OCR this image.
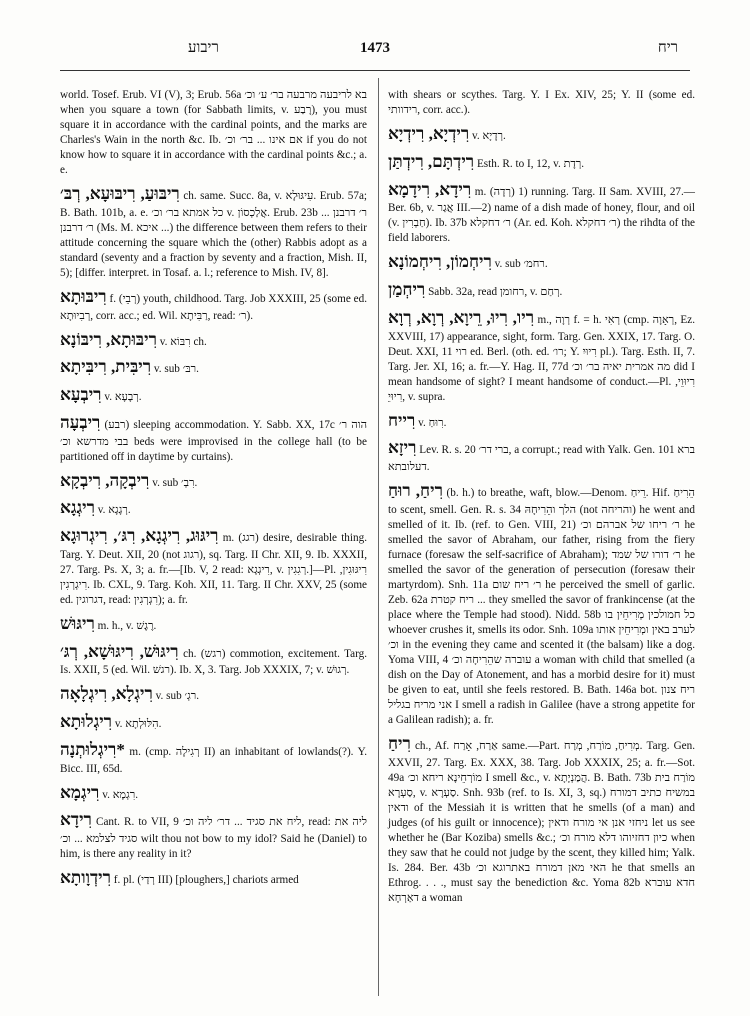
ריבוע	1473	ריח

world. Tosef. Erub. VI (V), 3; Erub. 56a בא לריבעה מרבעה בר׳ ע׳ וכ׳ when you square a town (for Sabbath limits, v. רָבַע), you must square it in accordance with the cardinal points, and the marks are Charles's Wain in the north &c. Ib. אם אינו ... בר׳ וכ׳ if you do not know how to square it in accordance with the cardinal points &c.; a. e.

רִיבּוּעַ, רִיבּוּעָא, רְבּ׳ ch. same. Succ. 8a, v. עִיגּוּלָא. Erub. 57a; B. Bath. 101b, a. e. כל אמתא בר׳ וכ׳ v. אֲלַכְסוֹן. Erub. 23b ר׳ דרבנן ... ר׳ דרבנן (Ms. M. איכא ...) the difference between them refers to their attitude concerning the square which the (other) Rabbis adopt as a standard (seventy and a fraction by seventy and a fraction, Mish. II, 5); [differ. interpret. in Tosaf. a. l.; reference to Mish. IV, 8].

רִיבּוּתָא f. (רְבֵי) youth, childhood. Targ. Job XXXIII, 25 (some ed. רְבִיוּתָא, corr. acc.; ed. Wil. רַבִּיתָא, read: ר׳).

רִיבּוּתָא, רִיבּוֹנָא v. רִבּוֹא ch.

רִיבִּית, רִיבִּיתָא v. sub רבּ׳.

רִיבְעָא v. רְבָעָא.

רִיבְעָה (רבע) sleeping accommodation. Y. Sabb. XX, 17c הוה ר׳ בבי מדרשא וכ׳ beds were improvised in the college hall (to be partitioned off in daytime by curtains).

רִיבְקָה, רִיבְקָא v. sub רִבְ׳.

רִיגְגָא v. רְגָגָא.

רִיגּוּג, רִיגְגָא, רִגּ׳, רִיגְרוּגָא m. (רגג) desire, desirable thing. Targ. Y. Deut. XII, 20 (not רגוג), sq. Targ. II Chr. XII, 9. Ib. XXXII, 27. Targ. Ps. X, 3; a. fr.—[Ib. V, 2 read: רִיגְגָא, v. רְגִגִין.]—Pl. רִיגּוּגִין, רִיגְרְגִין. Ib. CXL, 9. Targ. Koh. XII, 11. Targ. II Chr. XXV, 25 (some ed. דגרוגין, read: רִגְרְגִין); a. fr.

רִיגּוּשׁ m. h., v. רֶגֶשׁ.

רִיגּוּשׁ, רִיגּוּשָׁא, רְגּ׳ ch. (רגש) commotion, excitement. Targ. Is. XXII, 5 (ed. Wil. רגשׁ). Ib. X, 3. Targ. Job XXXIX, 7; v. רְגוּשׁ.

רִיגְלָא, רִיגְלָאָה v. sub רגְ׳.

רִיגְלוּתָא v. הִלּוּלְתָא.

*רִיגְלוּתְנָה m. (cmp. רְגִילָה II) an inhabitant of lowlands(?). Y. Bicc. III, 65d.

רִיגְמָא v. רִגְמָא.

רִידָא Cant. R. to VII, 9 ליח את סגיד ... דר׳ ליה וכ׳, read: ליה את סגיד לצלמא ... וכ׳ wilt thou not bow to my idol? Said he (Daniel) to him, is there any reality in it?

רִידְוָותָא f. pl. (רְדַי III) [ploughers,] chariots armed

with shears or scythes. Targ. Y. I Ex. XIV, 25; Y. II (some ed. רידוותי, corr. acc.).

רִידְיָא, רִידְיָא v. רְדָיָא.

רִידְתָּם, רִידְתַּן Esth. R. to I, 12, v. רְדָת.

רִידָא, רִידָמָא m. (רְדָה) 1) running. Targ. II Sam. XVIII, 27.—Ber. 6b, v. אֲגַר III.—2) name of a dish made of honey, flour, and oil (v. חַבְרִין). Ib. 37b ר׳ דחקלא (Ar. ed. Koh. ר׳ דחקלא) the rihdta of the field laborers.

רִיחְמוֹן, רִיחְמוֹנָא v. sub רחמ׳.

רִיחְמַן Sabb. 32a, read רחומן, v. רְחַם.

רִיו, רִיוּ, רֵיוָא, רְוָא, רְוָא m., רְוָה f. = h. רְאִי (cmp. רְאָוָה, Ez. XXVIII, 17) appearance, sight, form. Targ. Gen. XXIX, 17. Targ. O. Deut. XXI, 11 רוי ed. Berl. (oth. ed. רו׳; Y. רִיוּיִ pl.). Targ. Esth. II, 7. Targ. Jer. XI, 16; a. fr.—Y. Hag. II, 77d מה אמרית יאיה בר׳ וכ׳ did I mean handsome of sight? I meant handsome of conduct.—Pl. רִיוּוֵי, רִיוּיֵ, v. supra.

רִייח v. רִוּחַ.

רִיזָא Lev. R. s. 20 ברי דר׳, a corrupt.; read with Yalk. Gen. 101 ברא דעלובתא.

רִיחַ, רוּחַ (b. h.) to breathe, waft, blow.—Denom. רֵיחַ. Hif. הֵרִיחַ to scent, smell. Gen. R. s. 34 הלך והֵרִיחָהּ (not והריחה) he went and smelled of it. Ib. (ref. to Gen. VIII, 21) ר׳ ריחו של אברהם וכ׳ he smelled the savor of Abraham, our father, rising from the fiery furnace (foresaw the self-sacrifice of Abraham); ר׳ דורו של שמד he smelled the savor of the generation of persecution (foresaw their martyrdom). Snh. 11a ר׳ ריח שום he perceived the smell of garlic. Zeb. 62a ריח קטרת ... they smelled the savor of frankincense (at the place where the Temple had stood). Nidd. 58b כל חמולכין מְרִיחֵין בו whoever crushes it, smells its odor. Snh. 109a לערב באין ומְרִיחֵין אותו וכ׳ in the evening they came and scented it (the balsam) like a dog. Yoma VIII, 4 עוברה שהֵרִיחָה וכ׳ a woman with child that smelled (a dish on the Day of Atonement, and has a morbid desire for it) must be given to eat, until she feels restored. B. Bath. 146a bot. ריח צנון אני מריח בגליל I smell a radish in Galilee (have a strong appetite for a Galilean radish); a. fr.

רִיחַ ch., Af. אַרַח, אָרַח same.—Part. מְרִיחַ, מוֹרַח, מְרַח. Targ. Gen. XXVII, 27. Targ. Ex. XXX, 38. Targ. Job XXXIX, 25; a. fr.—Sot. 49a מוֹרְחֵינָא ריחא וכ׳ I smell &c., v. הֲמַנְיָתָא. B. Bath. 73b מוֹרַח בית סַעְרָא, v. סַעְרָא. Snh. 93b (ref. to Is. XI, 3, sq.) במשיח כתיב דמורח ודאין of the Messiah it is written that he smells (of a man) and judges (of his guilt or innocence); ניחזי אנן אי מורח ודאין let us see whether he (Bar Koziba) smells &c.; כיון דחזיוהו דלא מורח וכ׳ when they saw that he could not judge by the scent, they killed him; Yalk. Is. 284. Ber. 43b האי מאן דמורח באתרוגא וכ׳ he that smells an Ethrog. . . ., must say the benediction &c. Yoma 82b חדא עוברא דאַרְחָא a woman
